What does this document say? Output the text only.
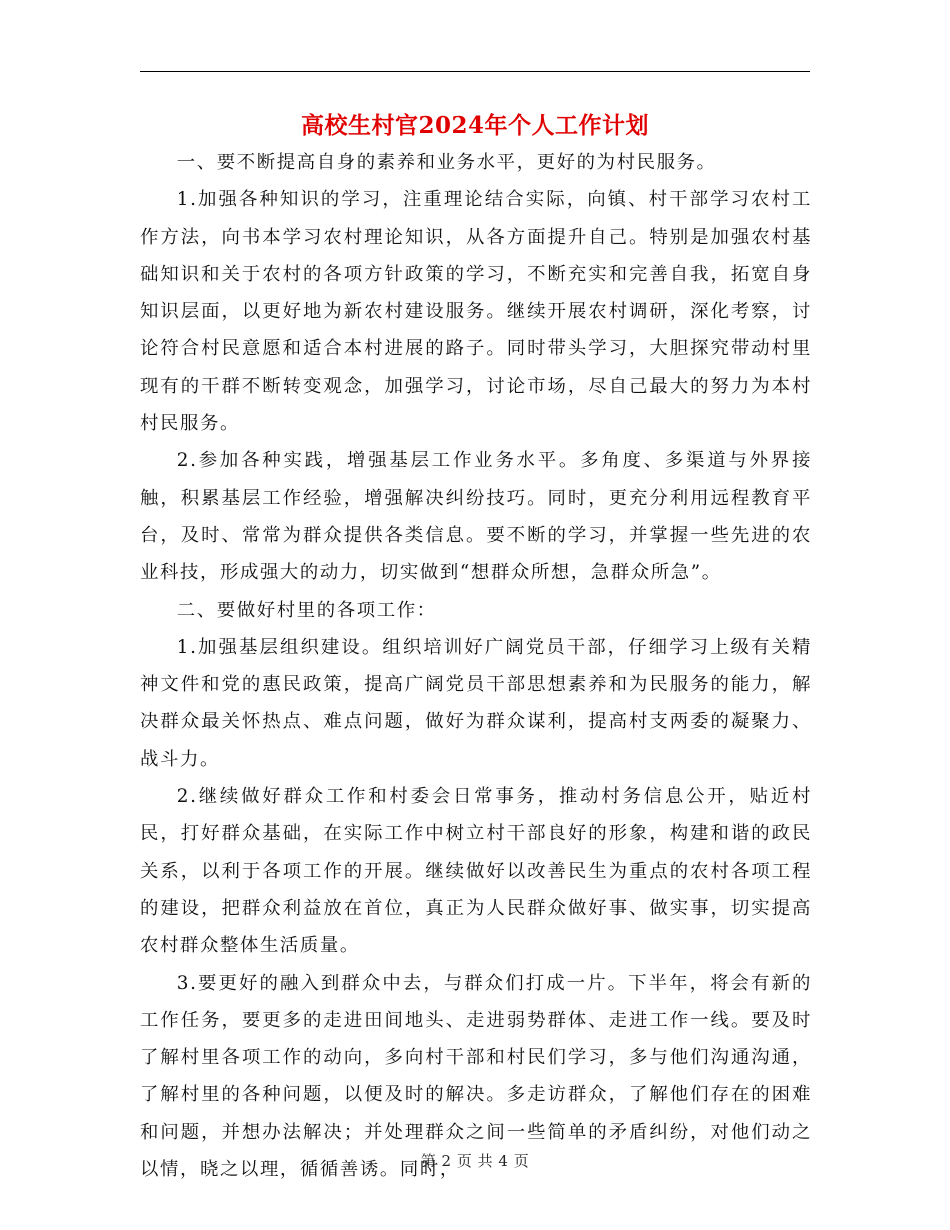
高校生村官2024年个人工作计划

一、要不断提高自身的素养和业务水平，更好的为村民服务。

1.加强各种知识的学习，注重理论结合实际，向镇、村干部学习农村工作方法，向书本学习农村理论知识，从各方面提升自己。特别是加强农村基础知识和关于农村的各项方针政策的学习，不断充实和完善自我，拓宽自身知识层面，以更好地为新农村建设服务。继续开展农村调研，深化考察，讨论符合村民意愿和适合本村进展的路子。同时带头学习，大胆探究带动村里现有的干群不断转变观念，加强学习，讨论市场，尽自己最大的努力为本村村民服务。

2.参加各种实践，增强基层工作业务水平。多角度、多渠道与外界接触，积累基层工作经验，增强解决纠纷技巧。同时，更充分利用远程教育平台，及时、常常为群众提供各类信息。要不断的学习，并掌握一些先进的农业科技，形成强大的动力，切实做到“想群众所想，急群众所急”。

二、要做好村里的各项工作：

1.加强基层组织建设。组织培训好广阔党员干部，仔细学习上级有关精神文件和党的惠民政策，提高广阔党员干部思想素养和为民服务的能力，解决群众最关怀热点、难点问题，做好为群众谋利，提高村支两委的凝聚力、战斗力。

2.继续做好群众工作和村委会日常事务，推动村务信息公开，贴近村民，打好群众基础，在实际工作中树立村干部良好的形象，构建和谐的政民关系，以利于各项工作的开展。继续做好以改善民生为重点的农村各项工程的建设，把群众利益放在首位，真正为人民群众做好事、做实事，切实提高农村群众整体生活质量。

3.要更好的融入到群众中去，与群众们打成一片。下半年，将会有新的工作任务，要更多的走进田间地头、走进弱势群体、走进工作一线。要及时了解村里各项工作的动向，多向村干部和村民们学习，多与他们沟通沟通，了解村里的各种问题，以便及时的解决。多走访群众，了解他们存在的困难和问题，并想办法解决；并处理群众之间一些简单的矛盾纠纷，对他们动之以情，晓之以理，循循善诱。同时，

第 2 页 共 4 页
